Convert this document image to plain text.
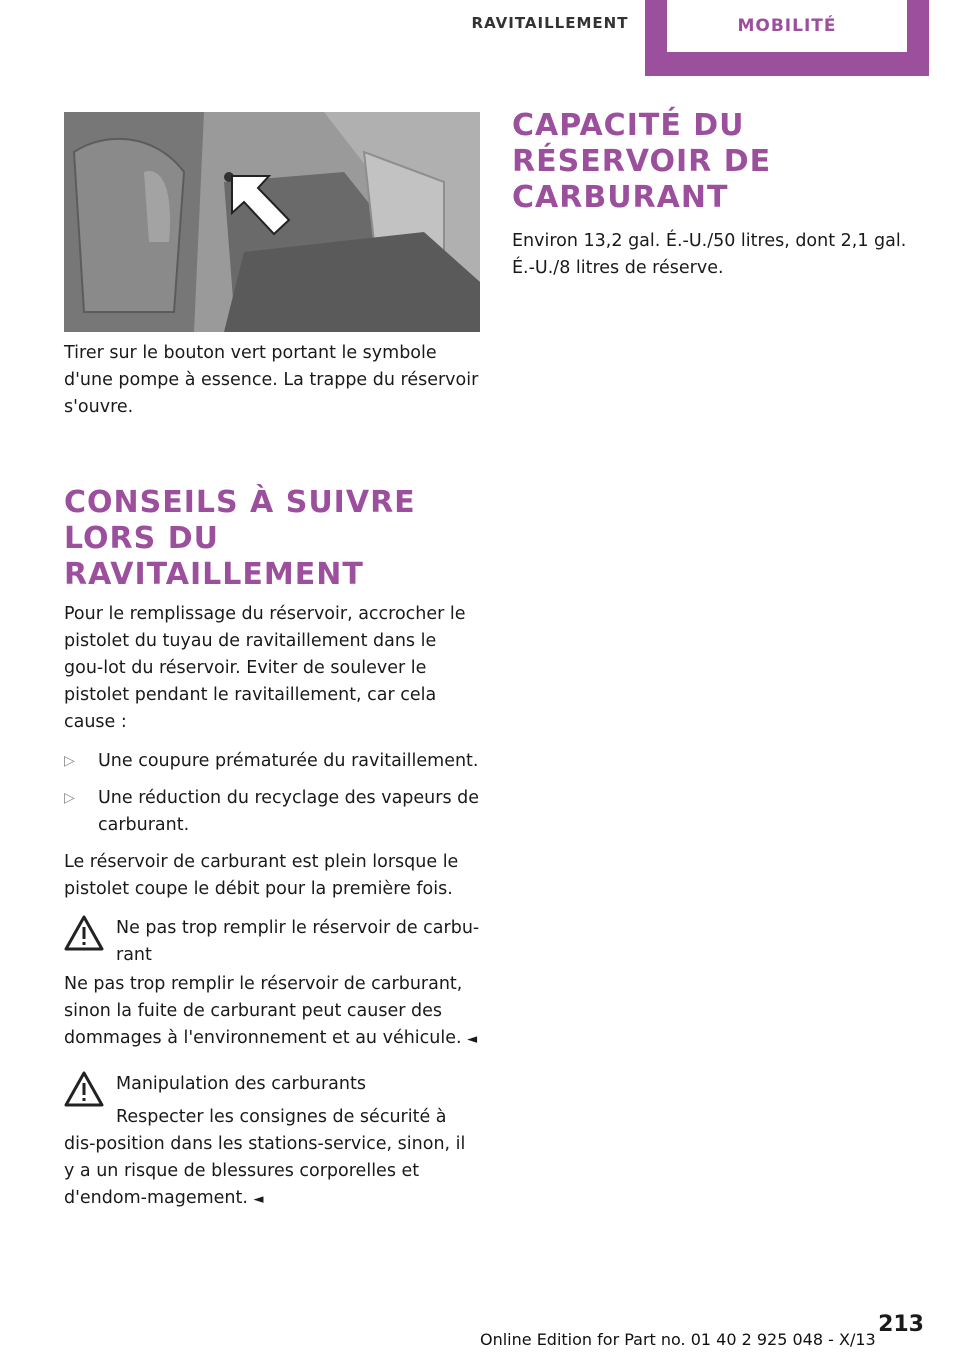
RAVITAILLEMENT	MOBILITÉ

Tirer sur le bouton vert portant le symbole d'une pompe à essence. La trappe du réservoir s'ouvre.

CONSEILS À SUIVRE LORS DU RAVITAILLEMENT

Pour le remplissage du réservoir, accrocher le pistolet du tuyau de ravitaillement dans le gou-lot du réservoir. Eviter de soulever le pistolet pendant le ravitaillement, car cela cause :

▷	Une coupure prématurée du ravitaillement.

▷	Une réduction du recyclage des vapeurs de carburant.

Le réservoir de carburant est plein lorsque le pistolet coupe le débit pour la première fois.

Ne pas trop remplir le réservoir de carbu-rant

Ne pas trop remplir le réservoir de carburant, sinon la fuite de carburant peut causer des dommages à l'environnement et au véhicule. ◄

Manipulation des carburants

Respecter les consignes de sécurité à dis-position dans les stations-service, sinon, il y a un risque de blessures corporelles et d'endom-magement. ◄

CAPACITÉ DU RÉSERVOIR DE CARBURANT

Environ 13,2 gal. É.-U./50 litres, dont 2,1 gal. É.-U./8 litres de réserve.

213
Online Edition for Part no. 01 40 2 925 048 - X/13
